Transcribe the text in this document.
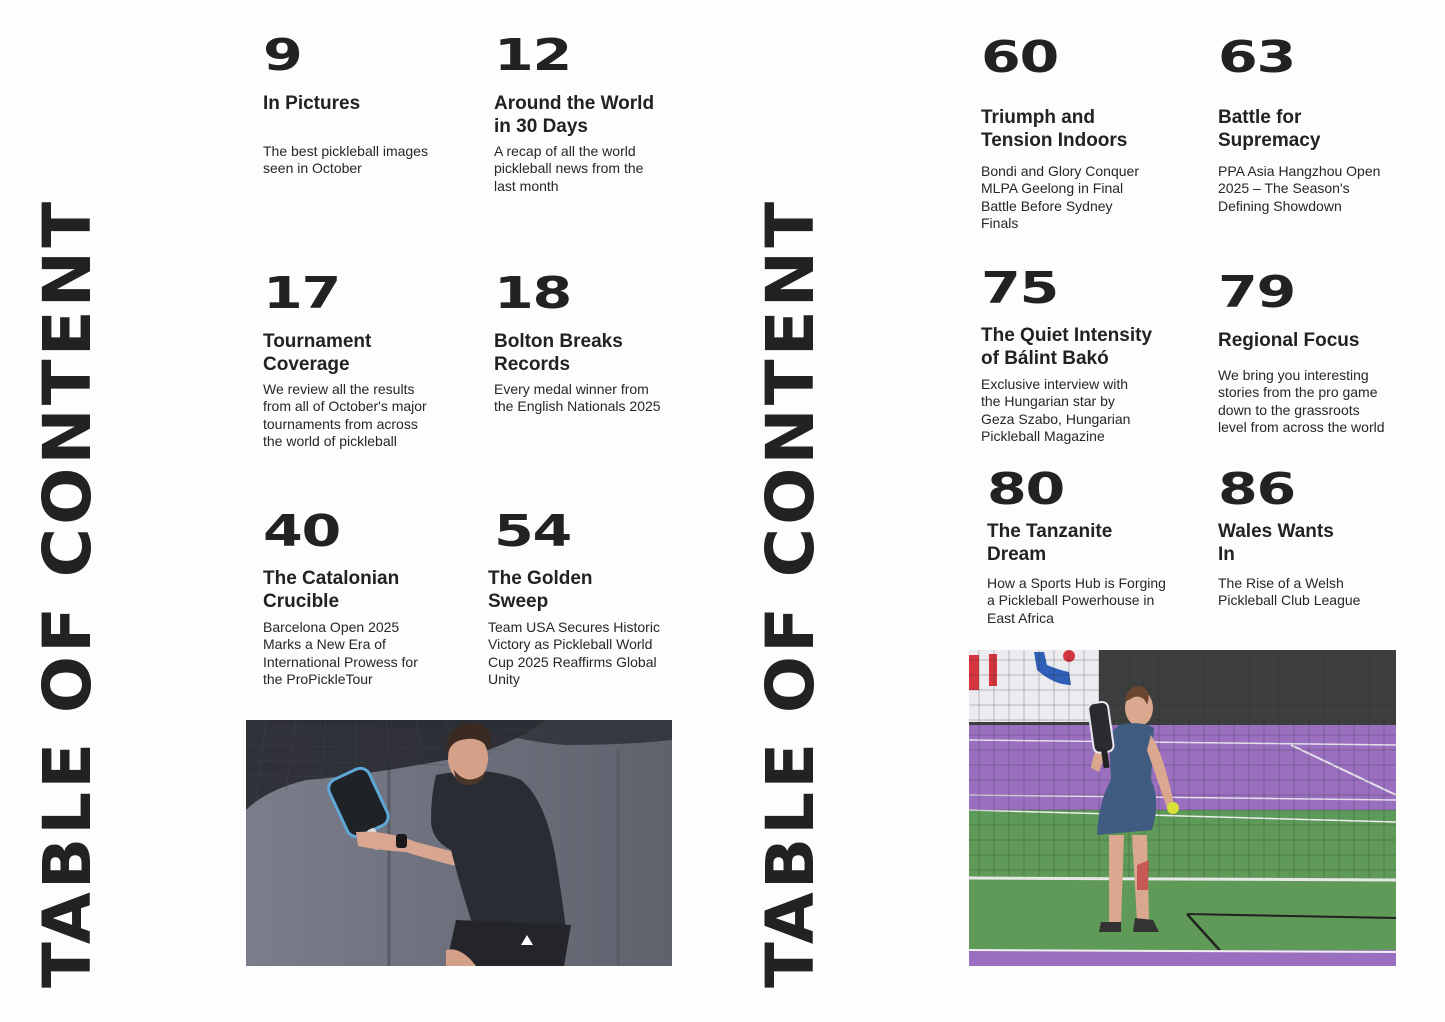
TABLE OF CONTENT
9
In Pictures
The best pickleball images seen in October
12
Around the World in 30 Days
A recap of all the world pickleball news from the last month
17
Tournament Coverage
We review all the results from all of October's major tournaments from across the world of pickleball
18
Bolton Breaks Records
Every medal winner from the English Nationals 2025
40
The Catalonian Crucible
Barcelona Open 2025 Marks a New Era of International Prowess for the ProPickleTour
54
The Golden Sweep
Team USA Secures Historic Victory as Pickleball World Cup 2025 Reaffirms Global Unity	TABLE OF CONTENT
60
Triumph and Tension Indoors
Bondi and Glory Conquer MLPA Geelong in Final Battle Before Sydney Finals
63
Battle for Supremacy
PPA Asia Hangzhou Open 2025 – The Season's Defining Showdown
75
The Quiet Intensity of Bálint Bakó
Exclusive interview with the Hungarian star by Geza Szabo, Hungarian Pickleball Magazine
79
Regional Focus
We bring you interesting stories from the pro game down to the grassroots level from across the world
80
The Tanzanite Dream
How a Sports Hub is Forging a Pickleball Powerhouse in East Africa
86
Wales Wants In
The Rise of a Welsh Pickleball Club League
